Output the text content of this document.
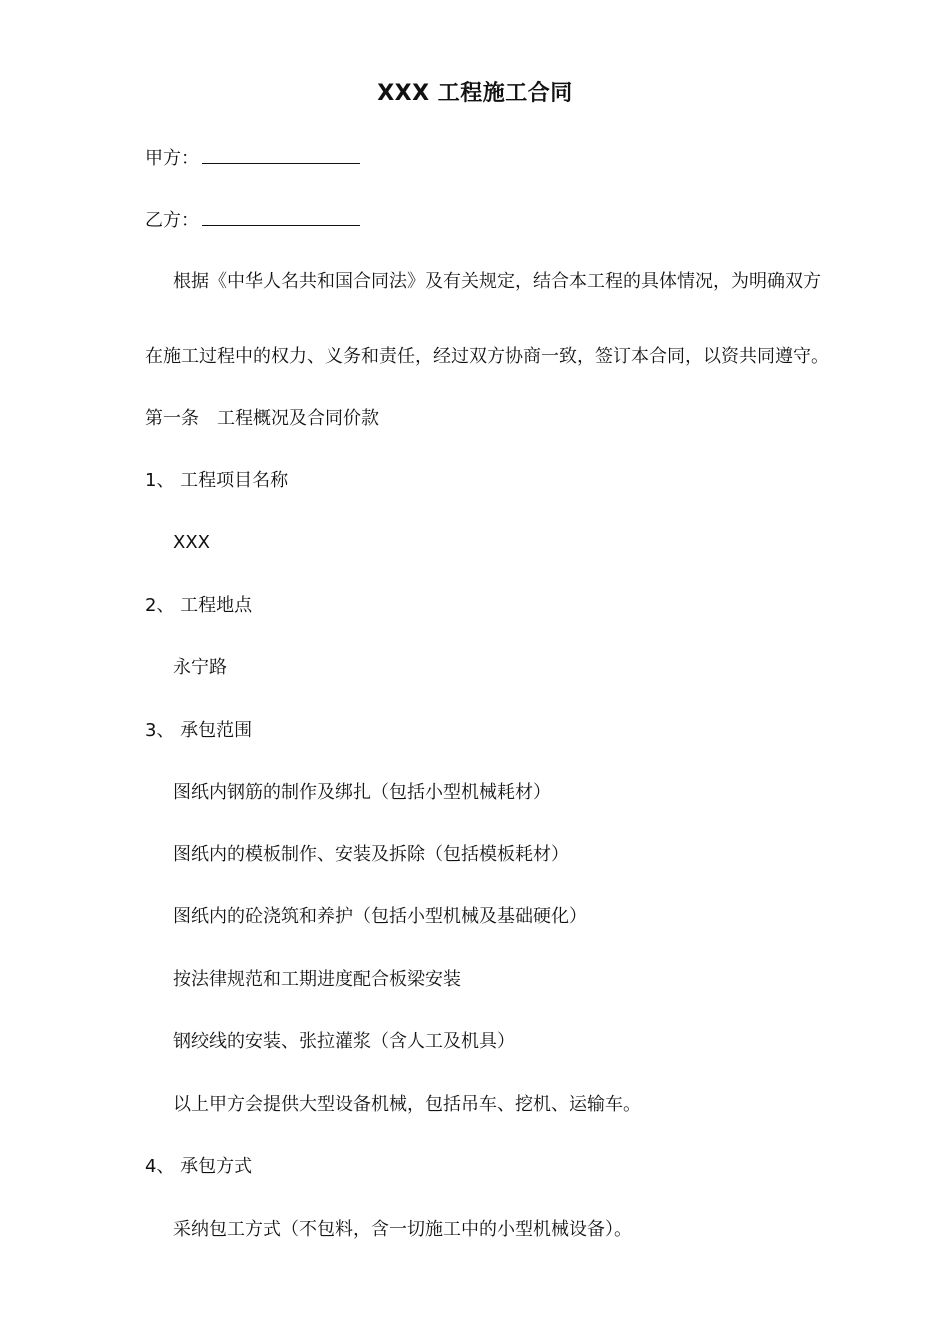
XXX 工程施工合同
甲方：
乙方：
根据《中华人名共和国合同法》及有关规定，结合本工程的具体情况，为明确双方
在施工过程中的权力、义务和责任，经过双方协商一致，签订本合同，以资共同遵守。
第一条　工程概况及合同价款
1、 工程项目名称
XXX
2、 工程地点
永宁路
3、 承包范围
图纸内钢筋的制作及绑扎（包括小型机械耗材）
图纸内的模板制作、安装及拆除（包括模板耗材）
图纸内的砼浇筑和养护（包括小型机械及基础硬化）
按法律规范和工期进度配合板梁安装
钢绞线的安装、张拉灌浆（含人工及机具）
以上甲方会提供大型设备机械，包括吊车、挖机、运输车。
4、 承包方式
采纳包工方式（不包料，含一切施工中的小型机械设备）。
